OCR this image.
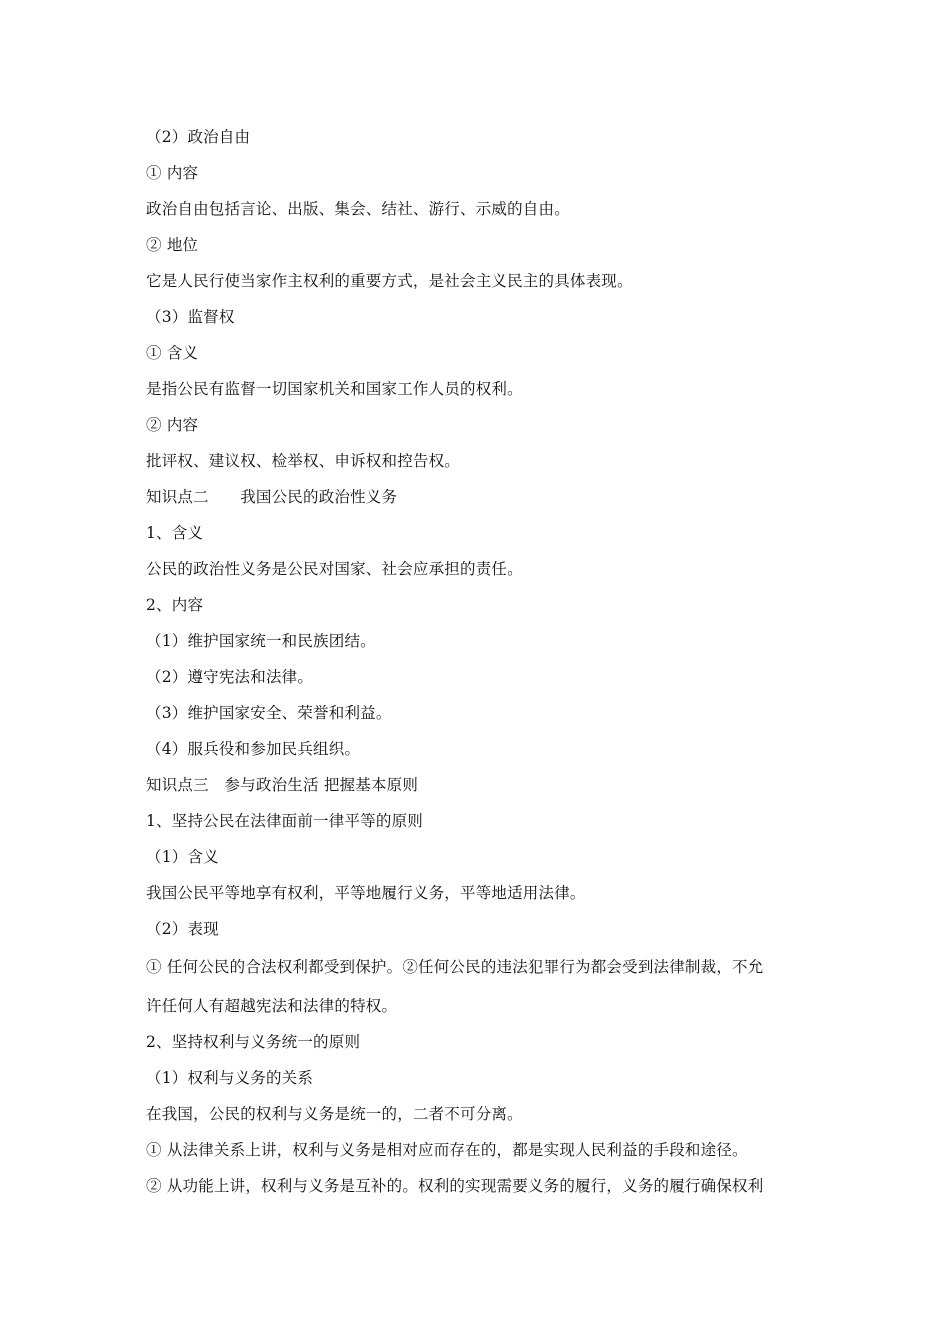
（2）政治自由
① 内容
政治自由包括言论、出版、集会、结社、游行、示威的自由。
② 地位
它是人民行使当家作主权利的重要方式，是社会主义民主的具体表现。
（3）监督权
① 含义
是指公民有监督一切国家机关和国家工作人员的权利。
② 内容
批评权、建议权、检举权、申诉权和控告权。
知识点二　　我国公民的政治性义务
1、含义
公民的政治性义务是公民对国家、社会应承担的责任。
2、内容
（1）维护国家统一和民族团结。
（2）遵守宪法和法律。
（3）维护国家安全、荣誉和利益。
（4）服兵役和参加民兵组织。
知识点三　参与政治生活 把握基本原则
1、坚持公民在法律面前一律平等的原则
（1）含义
我国公民平等地享有权利，平等地履行义务，平等地适用法律。
（2）表现
① 任何公民的合法权利都受到保护。②任何公民的违法犯罪行为都会受到法律制裁，不允
许任何人有超越宪法和法律的特权。
2、坚持权利与义务统一的原则
（1）权利与义务的关系
在我国，公民的权利与义务是统一的，二者不可分离。
① 从法律关系上讲，权利与义务是相对应而存在的，都是实现人民利益的手段和途径。
② 从功能上讲，权利与义务是互补的。权利的实现需要义务的履行，义务的履行确保权利
